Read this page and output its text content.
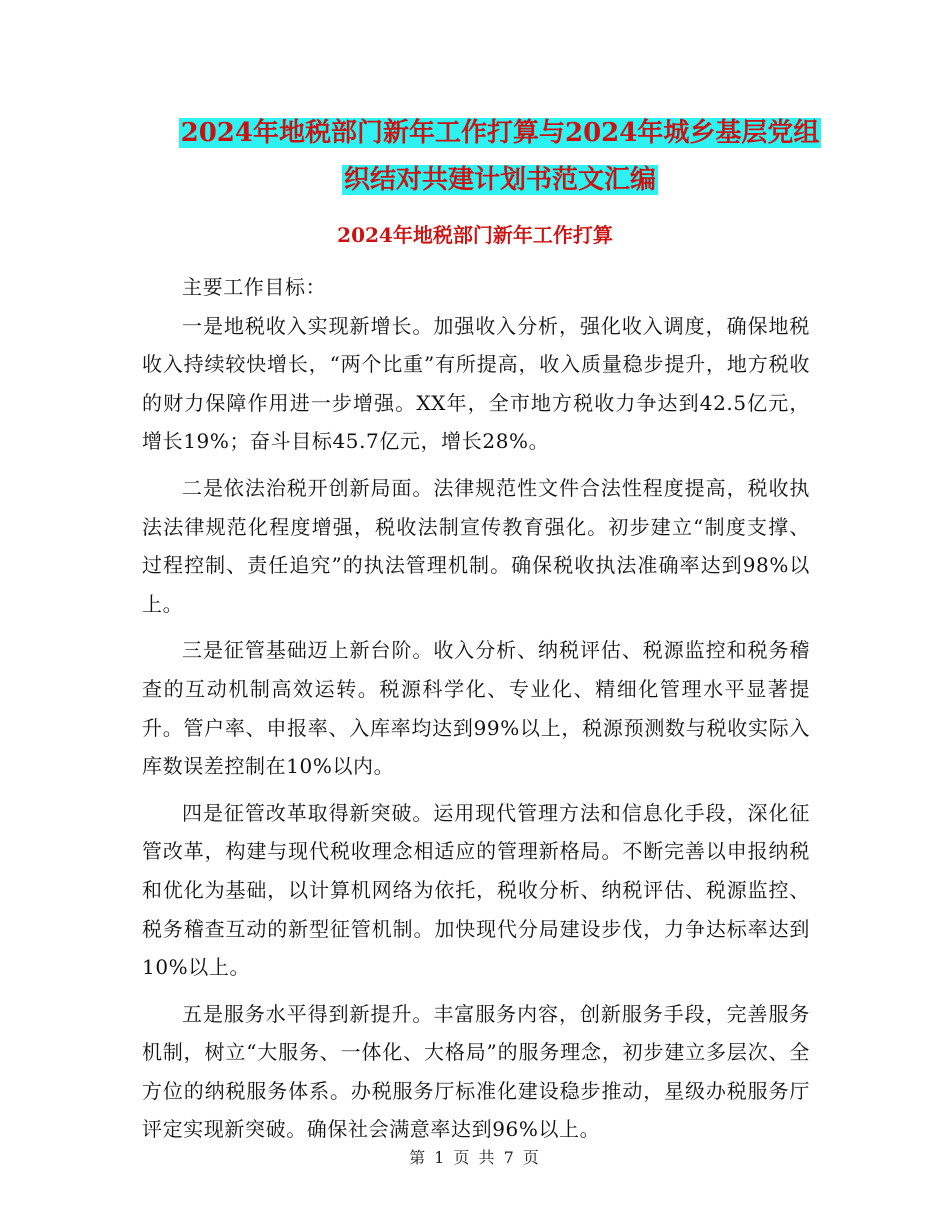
2024年地税部门新年工作打算与2024年城乡基层党组
织结对共建计划书范文汇编
2024年地税部门新年工作打算

主要工作目标：

一是地税收入实现新增长。加强收入分析，强化收入调度，确保地税收入持续较快增长，“两个比重”有所提高，收入质量稳步提升，地方税收的财力保障作用进一步增强。XX年，全市地方税收力争达到42.5亿元，增长19%；奋斗目标45.7亿元，增长28%。

二是依法治税开创新局面。法律规范性文件合法性程度提高，税收执法法律规范化程度增强，税收法制宣传教育强化。初步建立“制度支撑、过程控制、责任追究”的执法管理机制。确保税收执法准确率达到98%以上。

三是征管基础迈上新台阶。收入分析、纳税评估、税源监控和税务稽查的互动机制高效运转。税源科学化、专业化、精细化管理水平显著提升。管户率、申报率、入库率均达到99%以上，税源预测数与税收实际入库数误差控制在10%以内。

四是征管改革取得新突破。运用现代管理方法和信息化手段，深化征管改革，构建与现代税收理念相适应的管理新格局。不断完善以申报纳税和优化为基础，以计算机网络为依托，税收分析、纳税评估、税源监控、税务稽查互动的新型征管机制。加快现代分局建设步伐，力争达标率达到10%以上。

五是服务水平得到新提升。丰富服务内容，创新服务手段，完善服务机制，树立“大服务、一体化、大格局”的服务理念，初步建立多层次、全方位的纳税服务体系。办税服务厅标准化建设稳步推动，星级办税服务厅评定实现新突破。确保社会满意率达到96%以上。

第 1 页 共 7 页
